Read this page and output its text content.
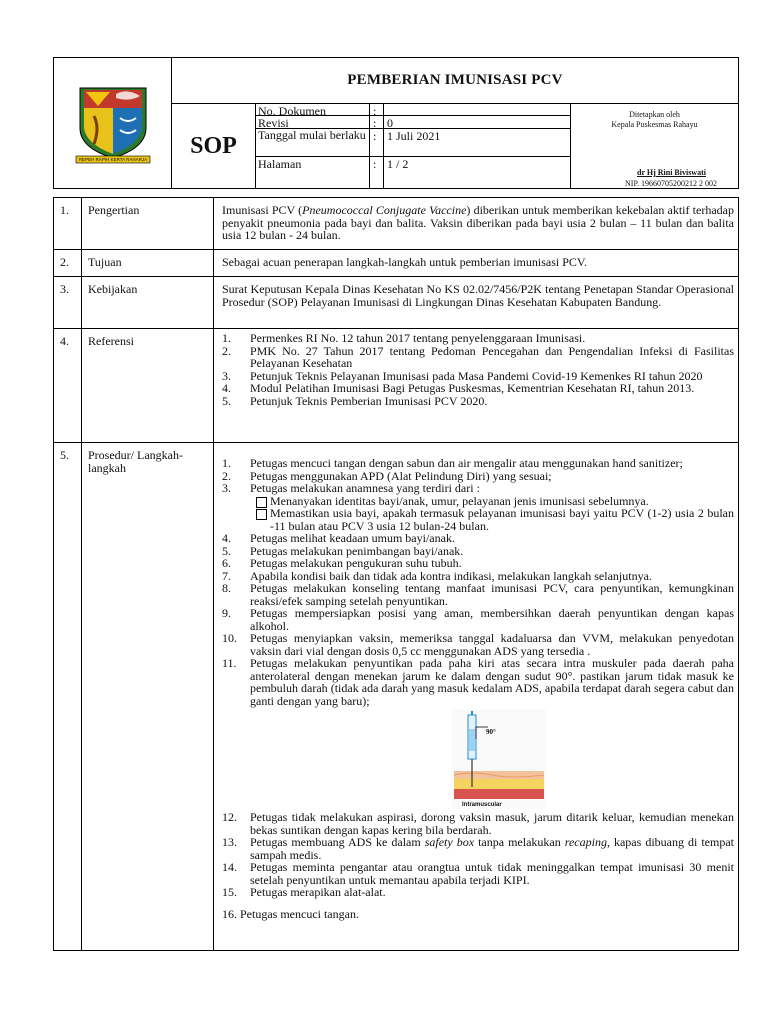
REPEH RAPIH KERTA RAHARJA
PEMBERIAN IMUNISASI PCV
SOP
No. Dokumen	:
Revisi	: 0
Tanggal mulai berlaku : 1 Juli 2021
Halaman	: 1 / 2
Ditetapkan oleh
Kepala Puskesmas Rahayu
dr Hj Rini Biviswati
NIP. 19660705200212 2 002
1. Pengertian	Imunisasi PCV (Pneumococcal Conjugate Vaccine) diberikan untuk memberikan kekebalan aktif terhadap penyakit pneumonia pada bayi dan balita. Vaksin diberikan pada bayi usia 2 bulan – 11 bulan dan balita usia 12 bulan - 24 bulan.
2. Tujuan	Sebagai acuan penerapan langkah-langkah untuk pemberian imunisasi PCV.
3. Kebijakan	Surat Keputusan Kepala Dinas Kesehatan No KS 02.02/7456/P2K tentang Penetapan Standar Operasional Prosedur (SOP) Pelayanan Imunisasi di Lingkungan Dinas Kesehatan Kabupaten Bandung.
4. Referensi	1. Permenkes RI No. 12 tahun 2017 tentang penyelenggaraan Imunisasi.
2. PMK No. 27 Tahun 2017 tentang Pedoman Pencegahan dan Pengendalian Infeksi di Fasilitas Pelayanan Kesehatan
3. Petunjuk Teknis Pelayanan Imunisasi pada Masa Pandemi Covid-19 Kemenkes RI tahun 2020
4. Modul Pelatihan Imunisasi Bagi Petugas Puskesmas, Kementrian Kesehatan RI, tahun 2013.
5. Petunjuk Teknis Pemberian Imunisasi PCV 2020.
5. Prosedur/ Langkah-langkah	1. Petugas mencuci tangan dengan sabun dan air mengalir atau menggunakan hand sanitizer;
2. Petugas menggunakan APD (Alat Pelindung Diri) yang sesuai;
3. Petugas melakukan anamnesa yang terdiri dari :
Menanyakan identitas bayi/anak, umur, pelayanan jenis imunisasi sebelumnya.
Memastikan usia bayi, apakah termasuk pelayanan imunisasi bayi yaitu PCV (1-2) usia 2 bulan -11 bulan atau PCV 3 usia 12 bulan-24 bulan.
4. Petugas melihat keadaan umum bayi/anak.
5. Petugas melakukan penimbangan bayi/anak.
6. Petugas melakukan pengukuran suhu tubuh.
7. Apabila kondisi baik dan tidak ada kontra indikasi, melakukan langkah selanjutnya.
8. Petugas melakukan konseling tentang manfaat imunisasi PCV, cara penyuntikan, kemungkinan reaksi/efek samping setelah penyuntikan.
9. Petugas mempersiapkan posisi yang aman, membersihkan daerah penyuntikan dengan kapas alkohol.
10. Petugas menyiapkan vaksin, memeriksa tanggal kadaluarsa dan VVM, melakukan penyedotan vaksin dari vial dengan dosis 0,5 cc menggunakan ADS yang tersedia .
11. Petugas melakukan penyuntikan pada paha kiri atas secara intra muskuler pada daerah paha anterolateral dengan menekan jarum ke dalam dengan sudut 90°. pastikan jarum tidak masuk ke pembuluh darah (tidak ada darah yang masuk kedalam ADS, apabila terdapat darah segera cabut dan ganti dengan yang baru);
90°
Intramuscular
12. Petugas tidak melakukan aspirasi, dorong vaksin masuk, jarum ditarik keluar, kemudian menekan bekas suntikan dengan kapas kering bila berdarah.
13. Petugas membuang ADS ke dalam safety box tanpa melakukan recaping, kapas dibuang di tempat sampah medis.
14. Petugas meminta pengantar atau orangtua untuk tidak meninggalkan tempat imunisasi 30 menit setelah penyuntikan untuk memantau apabila terjadi KIPI.
15. Petugas merapikan alat-alat.
16. Petugas mencuci tangan.
